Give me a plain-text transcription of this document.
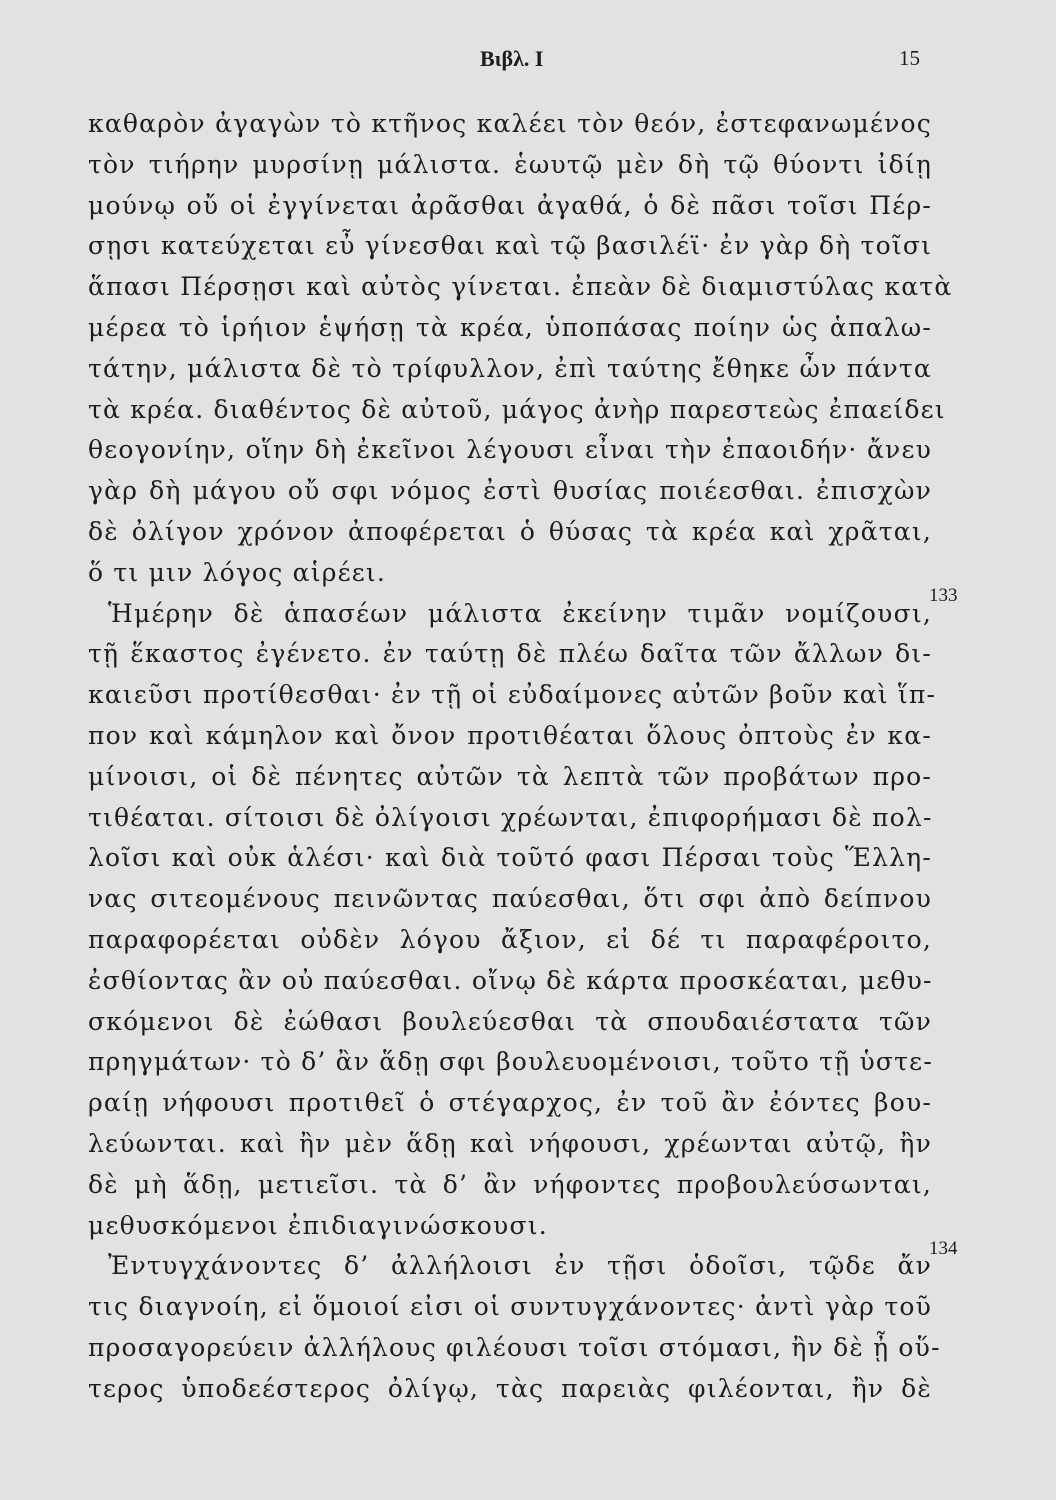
Βιβλ. Ι	15
καθαρὸν ἀγαγὼν τὸ κτῆνος καλέει τὸν θεόν, ἐστεφανωμένος
τὸν τιήρην μυρσίνῃ μάλιστα. ἑωυτῷ μὲν δὴ τῷ θύοντι ἰδίῃ
μούνῳ οὔ οἱ ἐγγίνεται ἀρᾶσθαι ἀγαθά, ὁ δὲ πᾶσι τοῖσι Πέρ-
σῃσι κατεύχεται εὖ γίνεσθαι καὶ τῷ βασιλέϊ· ἐν γὰρ δὴ τοῖσι
ἅπασι Πέρσῃσι καὶ αὐτὸς γίνεται. ἐπεὰν δὲ διαμιστύλας κατὰ
μέρεα τὸ ἱρήιον ἑψήσῃ τὰ κρέα, ὑποπάσας ποίην ὡς ἁπαλω-
τάτην, μάλιστα δὲ τὸ τρίφυλλον, ἐπὶ ταύτης ἔθηκε ὦν πάντα
τὰ κρέα. διαθέντος δὲ αὐτοῦ, μάγος ἀνὴρ παρεστεὼς ἐπαείδει
θεογονίην, οἵην δὴ ἐκεῖνοι λέγουσι εἶναι τὴν ἐπαοιδήν· ἄνευ
γὰρ δὴ μάγου οὔ σφι νόμος ἐστὶ θυσίας ποιέεσθαι. ἐπισχὼν
δὲ ὀλίγον χρόνον ἀποφέρεται ὁ θύσας τὰ κρέα καὶ χρᾶται,
ὅ τι μιν λόγος αἱρέει.
Ἡμέρην δὲ ἁπασέων μάλιστα ἐκείνην τιμᾶν νομίζουσι,
τῇ ἕκαστος ἐγένετο. ἐν ταύτῃ δὲ πλέω δαῖτα τῶν ἄλλων δι-
καιεῦσι προτίθεσθαι· ἐν τῇ οἱ εὐδαίμονες αὐτῶν βοῦν καὶ ἵπ-
πον καὶ κάμηλον καὶ ὄνον προτιθέαται ὅλους ὀπτοὺς ἐν κα-
μίνοισι, οἱ δὲ πένητες αὐτῶν τὰ λεπτὰ τῶν προβάτων προ-
τιθέαται. σίτοισι δὲ ὀλίγοισι χρέωνται, ἐπιφορήμασι δὲ πολ-
λοῖσι καὶ οὐκ ἁλέσι· καὶ διὰ τοῦτό φασι Πέρσαι τοὺς Ἕλλη-
νας σιτεομένους πεινῶντας παύεσθαι, ὅτι σφι ἀπὸ δείπνου
παραφορέεται οὐδὲν λόγου ἄξιον, εἰ δέ τι παραφέροιτο,
ἐσθίοντας ἂν οὐ παύεσθαι. οἴνῳ δὲ κάρτα προσκέαται, μεθυ-
σκόμενοι δὲ ἐώθασι βουλεύεσθαι τὰ σπουδαιέστατα τῶν
πρηγμάτων· τὸ δ’ ἂν ἅδῃ σφι βουλευομένοισι, τοῦτο τῇ ὑστε-
ραίῃ νήφουσι προτιθεῖ ὁ στέγαρχος, ἐν τοῦ ἂν ἐόντες βου-
λεύωνται. καὶ ἢν μὲν ἅδῃ καὶ νήφουσι, χρέωνται αὐτῷ, ἢν
δὲ μὴ ἅδῃ, μετιεῖσι. τὰ δ’ ἂν νήφοντες προβουλεύσωνται,
μεθυσκόμενοι ἐπιδιαγινώσκουσι.
Ἐντυγχάνοντες δ’ ἀλλήλοισι ἐν τῇσι ὁδοῖσι, τῷδε ἄν
τις διαγνοίη, εἰ ὅμοιοί εἰσι οἱ συντυγχάνοντες· ἀντὶ γὰρ τοῦ
προσαγορεύειν ἀλλήλους φιλέουσι τοῖσι στόμασι, ἢν δὲ ᾖ οὕ-
τερος ὑποδεέστερος ὀλίγῳ, τὰς παρειὰς φιλέονται, ἢν δὲ
133
134
